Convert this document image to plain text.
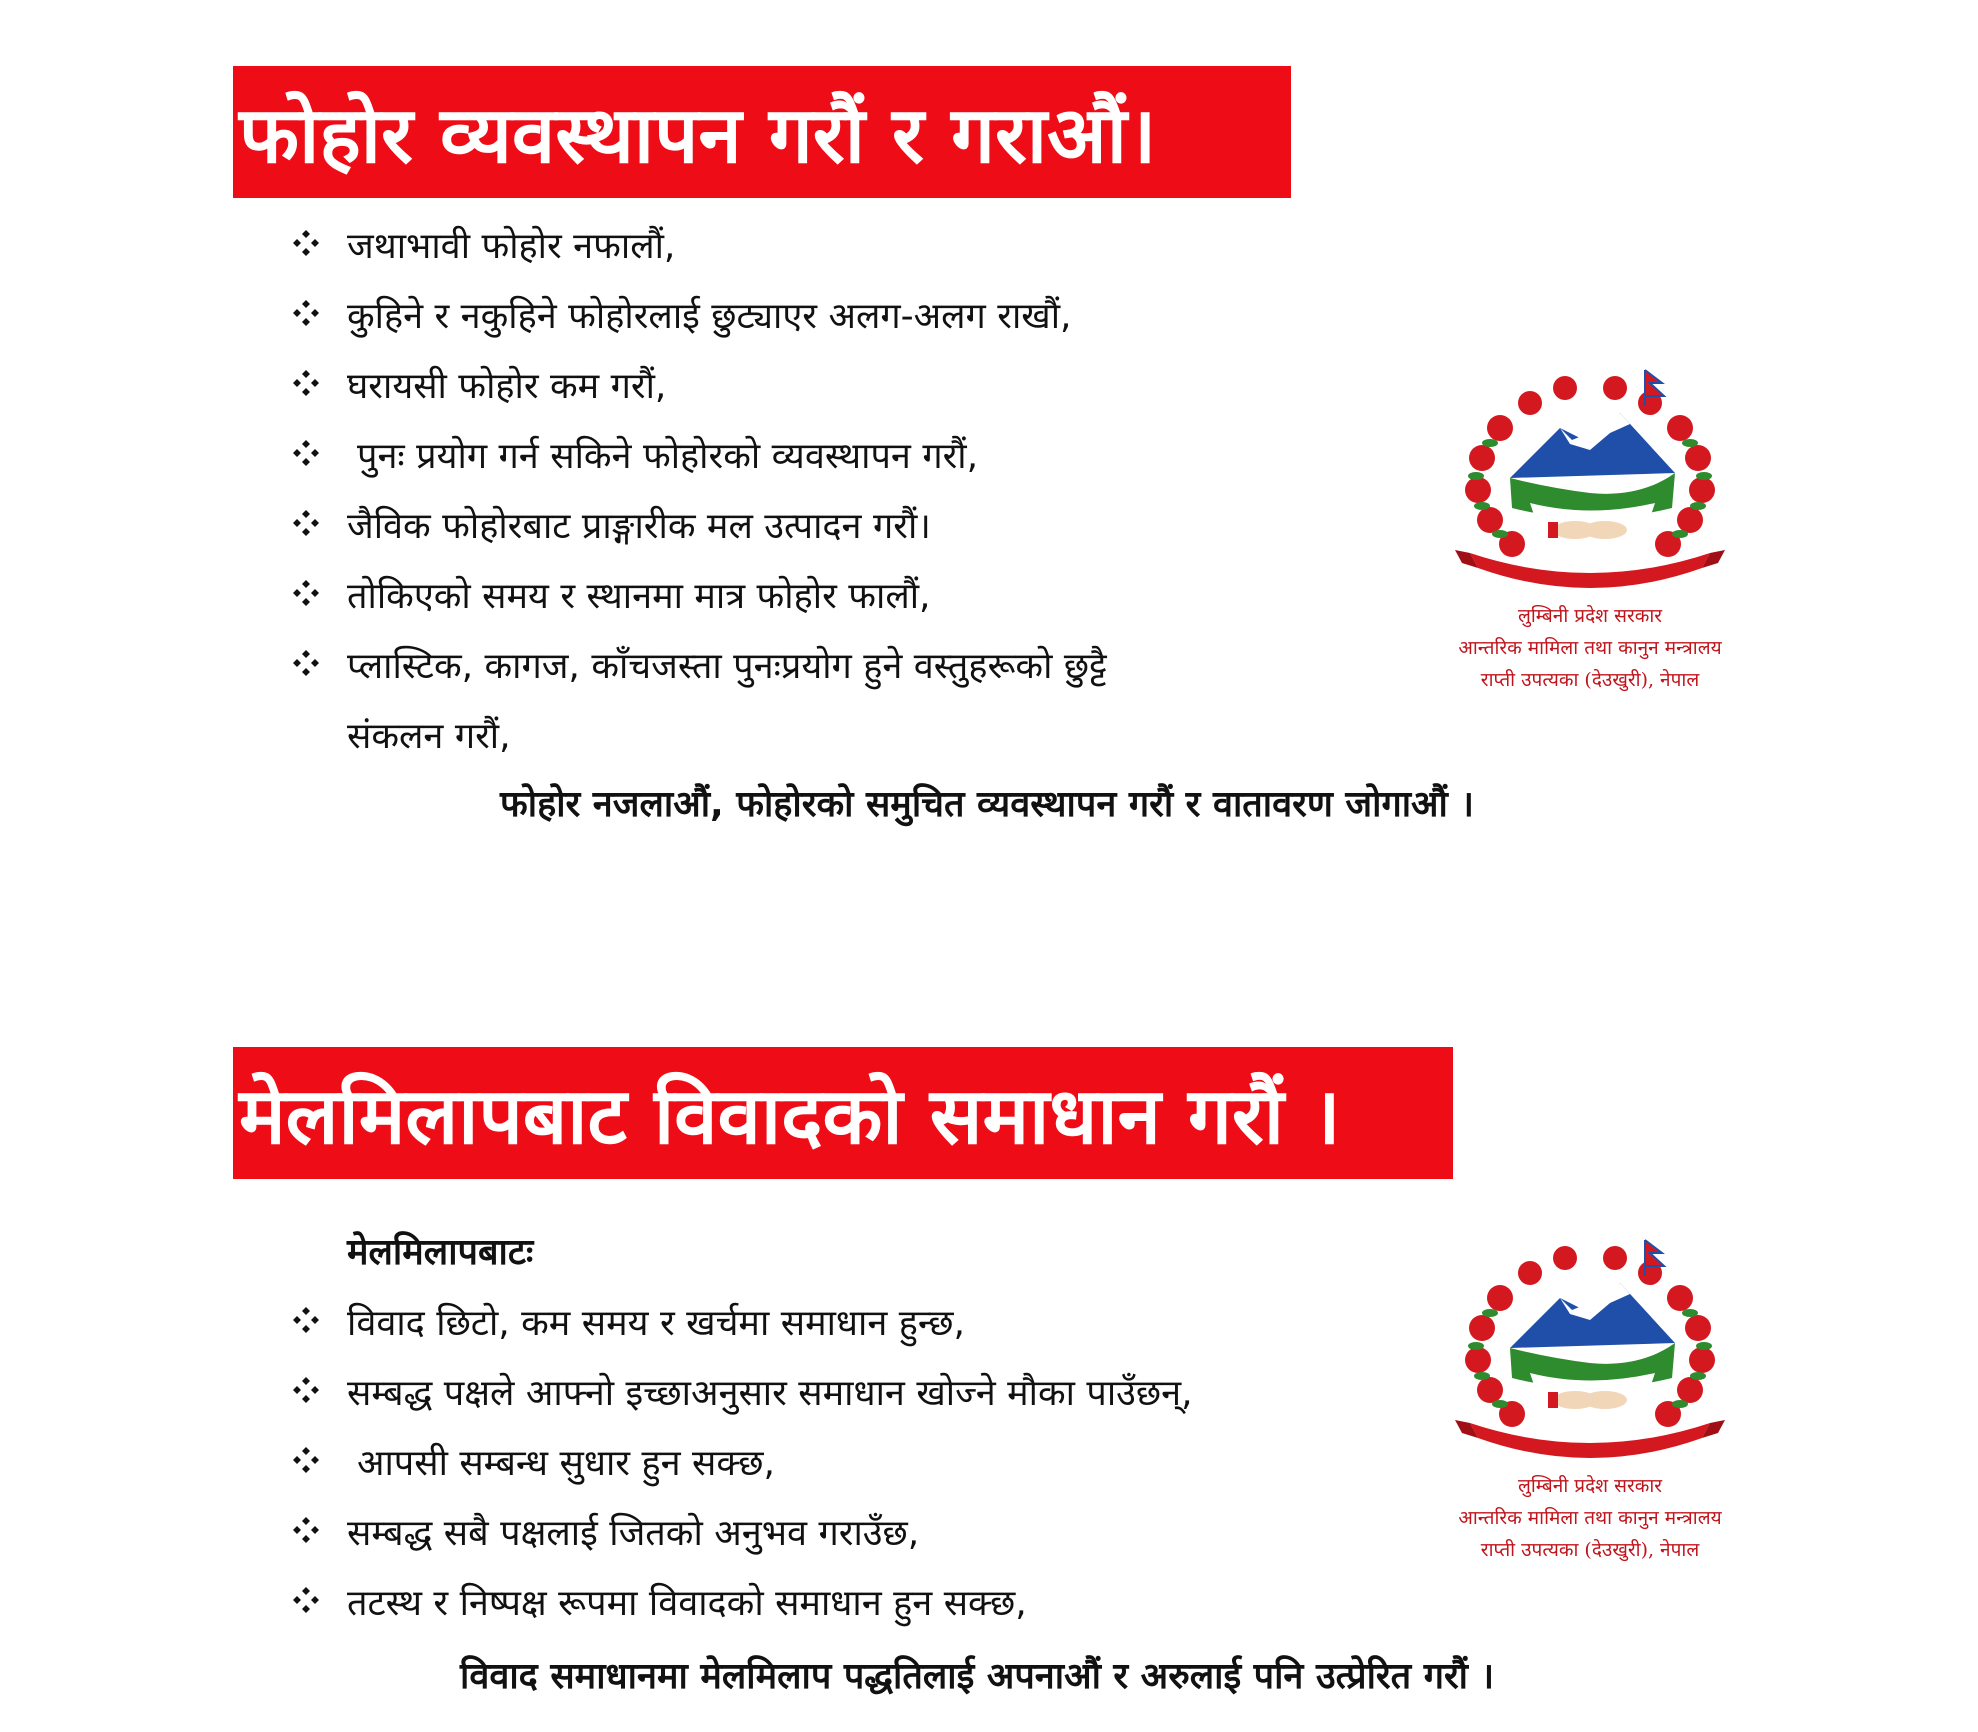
फोहोर व्यवस्थापन गरौं र गराऔं।
जथाभावी फोहोर नफालौं,
कुहिने र नकुहिने फोहोरलाई छुट्याएर अलग-अलग राखौं,
घरायसी फोहोर कम गरौं,
पुनः प्रयोग गर्न सकिने फोहोरको व्यवस्थापन गरौं,
जैविक फोहोरबाट प्राङ्गारीक मल उत्पादन गरौं।
तोकिएको समय र स्थानमा मात्र फोहोर फालौं,
प्लास्टिक, कागज, काँचजस्ता पुनःप्रयोग हुने वस्तुहरूको छुट्टै
संकलन गरौं,
फोहोर नजलाऔं, फोहोरको समुचित व्यवस्थापन गरौं र वातावरण जोगाऔं ।
लुम्बिनी प्रदेश सरकार
आन्तरिक मामिला तथा कानुन मन्त्रालय
राप्ती उपत्यका (देउखुरी), नेपाल
मेलमिलापबाट विवादको समाधान गरौं ।
मेलमिलापबाटः
विवाद छिटो, कम समय र खर्चमा समाधान हुन्छ,
सम्बद्ध पक्षले आफ्नो इच्छाअनुसार समाधान खोज्ने मौका पाउँछन्,
आपसी सम्बन्ध सुधार हुन सक्छ,
सम्बद्ध सबै पक्षलाई जितको अनुभव गराउँछ,
तटस्थ र निष्पक्ष रूपमा विवादको समाधान हुन सक्छ,
विवाद समाधानमा मेलमिलाप पद्धतिलाई अपनाऔं र अरुलाई पनि उत्प्रेरित गरौं ।
लुम्बिनी प्रदेश सरकार
आन्तरिक मामिला तथा कानुन मन्त्रालय
राप्ती उपत्यका (देउखुरी), नेपाल
